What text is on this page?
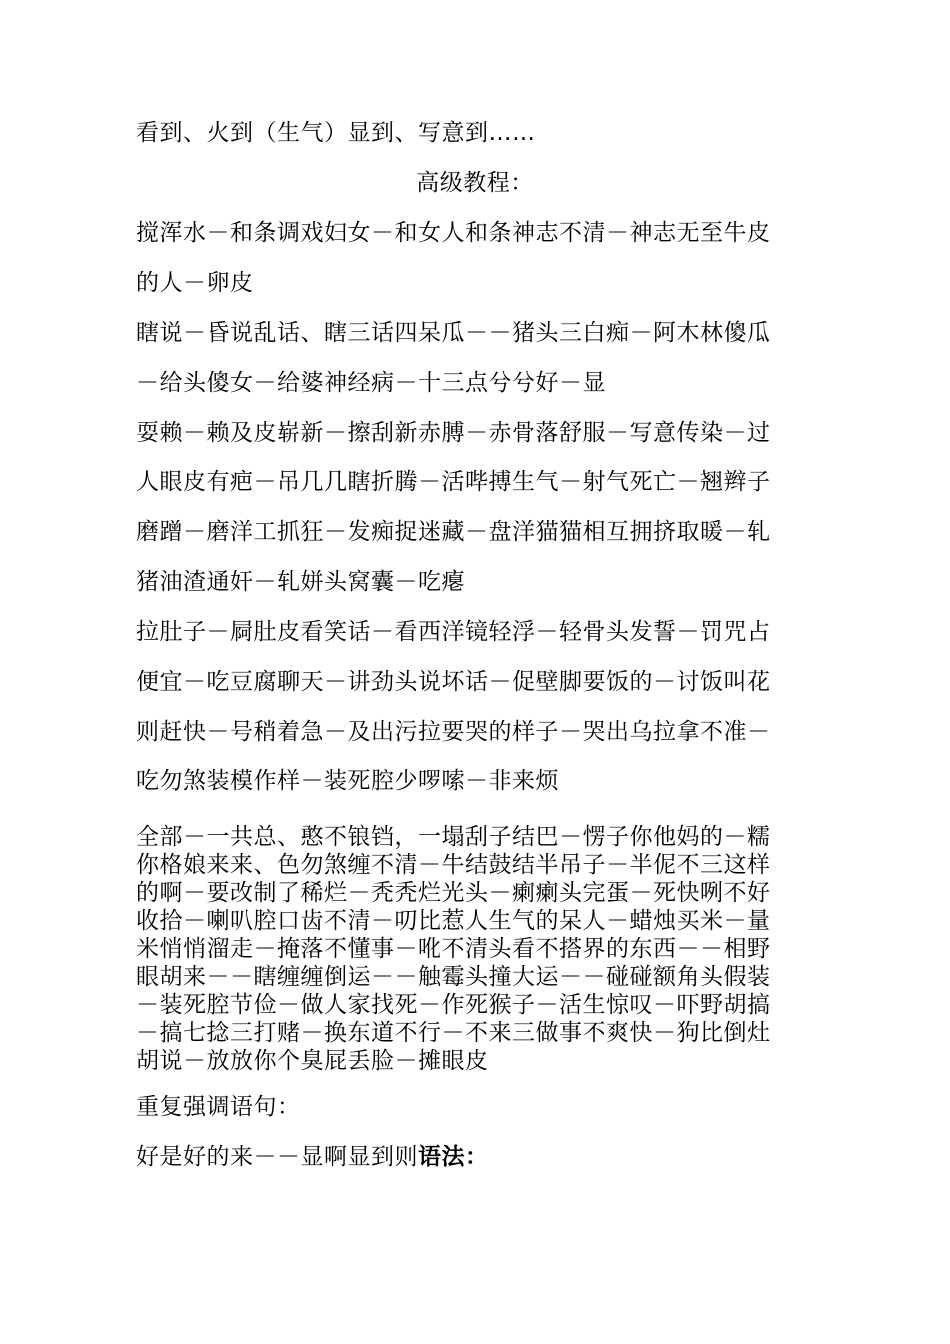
看到、火到（生气）显到、写意到……
高级教程：
搅浑水－和条调戏妇女－和女人和条神志不清－神志无至牛皮
的人－卵皮
瞎说－昏说乱话、瞎三话四呆瓜－－猪头三白痴－阿木林傻瓜
－给头傻女－给婆神经病－十三点兮兮好－显
耍赖－赖及皮崭新－擦刮新赤膊－赤骨落舒服－写意传染－过
人眼皮有疤－吊几几瞎折腾－活哔搏生气－射气死亡－翘辫子
磨蹭－磨洋工抓狂－发痴捉迷藏－盘洋猫猫相互拥挤取暖－轧
猪油渣通奸－轧姘头窝囊－吃瘪
拉肚子－屙肚皮看笑话－看西洋镜轻浮－轻骨头发誓－罚咒占
便宜－吃豆腐聊天－讲劲头说坏话－促壁脚要饭的－讨饭叫花
则赶快－号稍着急－及出污拉要哭的样子－哭出乌拉拿不准－
吃勿煞装模作样－装死腔少啰嗦－非来烦
全部－一共总、憨不锒铛，一塌刮子结巴－愣子你他妈的－糯
你格娘来来、色勿煞缠不清－牛结鼓结半吊子－半伲不三这样
的啊－要改制了稀烂－秃秃烂光头－瘌瘌头完蛋－死快咧不好
收拾－喇叭腔口齿不清－叨比惹人生气的呆人－蜡烛买米－量
米悄悄溜走－掩落不懂事－吪不清头看不搭界的东西－－相野
眼胡来－－瞎缠缠倒运－－触霉头撞大运－－碰碰额角头假装
－装死腔节俭－做人家找死－作死猴子－活生惊叹－吓野胡搞
－搞七捻三打赌－换东道不行－不来三做事不爽快－狗比倒灶
胡说－放放你个臭屁丢脸－摊眼皮
重复强调语句：
好是好的来－－显啊显到则语法：
